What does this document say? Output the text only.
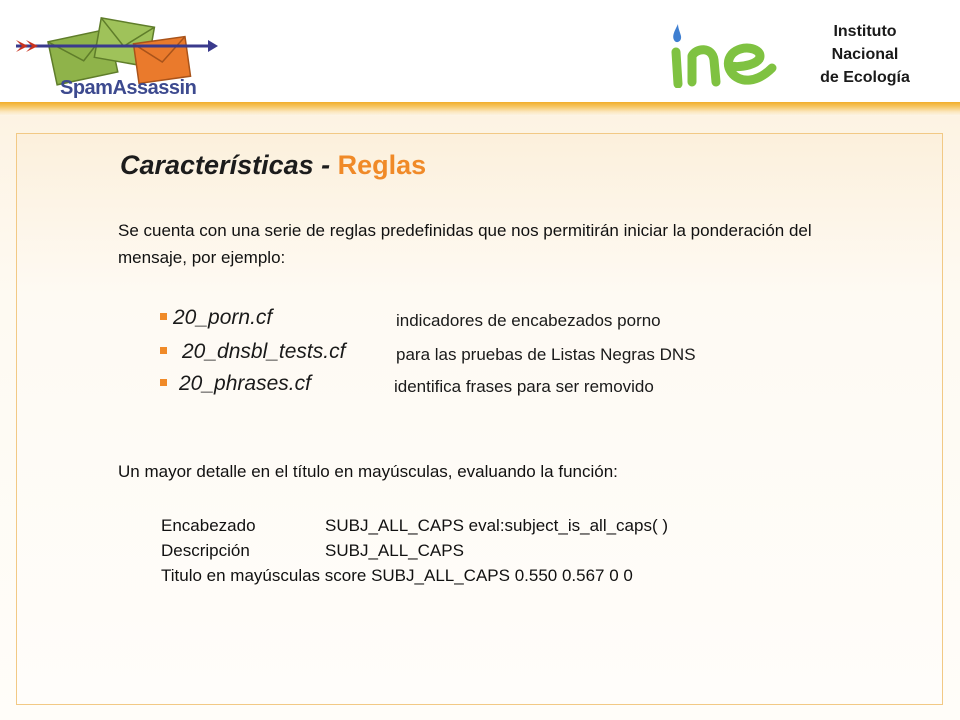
SpamAssassin
Instituto
Nacional
de Ecología
Características - Reglas
Se cuenta con una serie de reglas predefinidas que nos permitirán iniciar la ponderación del mensaje, por ejemplo:
20_porn.cf	indicadores de encabezados porno
20_dnsbl_tests.cf	para las pruebas de Listas Negras DNS
20_phrases.cf	identifica frases para ser removido
Un mayor detalle en el título en mayúsculas, evaluando la función:
Encabezado	SUBJ_ALL_CAPS eval:subject_is_all_caps( )
Descripción	SUBJ_ALL_CAPS
Titulo en mayúsculas score SUBJ_ALL_CAPS 0.550 0.567 0 0
